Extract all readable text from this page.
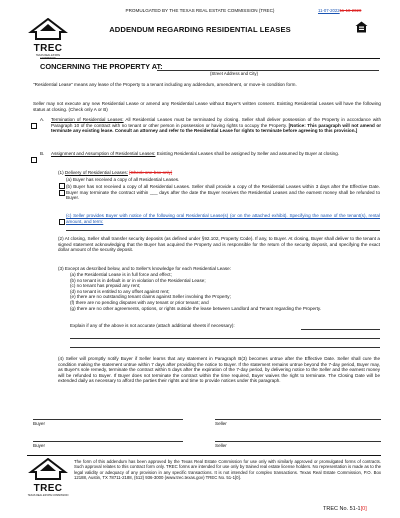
PROMULGATED BY THE TEXAS REAL ESTATE COMMISSION (TREC)	11-07-202211-18-2020
TREC
TEXAS REAL ESTATE COMMISSION
ADDENDUM REGARDING RESIDENTIAL LEASES
CONCERNING THE PROPERTY AT:
(Street Address and City)
"Residential Lease" means any lease of the Property to a tenant including any addendum, amendment, or move-in condition form.
Seller may not execute any new Residential Lease or amend any Residential Lease without Buyer's written consent. Existing Residential Leases will have the following status at closing. (Check only A or B)
A. Termination of Residential Leases: All Residential Leases must be terminated by closing. Seller shall deliver possession of the Property in accordance with Paragraph 10 of the contract with no tenant or other person in possession or having rights to occupy the Property. [Notice: This paragraph will not amend or terminate any existing lease. Consult an attorney and refer to the Residential Lease for rights to terminate before agreeing to this provision.]
B. Assignment and Assumption of Residential Leases: Existing Residential Leases shall be assigned by Seller and assumed by Buyer at closing.
(1) Delivery of Residential Leases: [Check one box only]
(a) Buyer has received a copy of all Residential Leases.
(b) Buyer has not received a copy of all Residential Leases. Seller shall provide a copy of the Residential Leases within 3 days after the Effective Date. Buyer may terminate the contract within ___ days after the date the Buyer receives the Residential Leases and the earnest money shall be refunded to Buyer.
(c) Seller provides Buyer with notice of the following oral Residential Lease(s) (or on the attached exhibit). Specifying the name of the tenant(s), rental amount, and term:
(2) At closing, Seller shall transfer security deposits (as defined under §92.102, Property Code). If any, to Buyer. At closing, Buyer shall deliver to the tenant a signed statement acknowledging that the Buyer has acquired the Property and is responsible for the return of the security deposit, and specifying the exact dollar amount of the security deposit.
(3) Except as described below, and to Seller's knowledge for each Residential Lease:
(a) the Residential Lease is in full force and effect;
(b) no tenant is in default in or in violation of the Residential Lease;
(c) no tenant has prepaid any rent;
(d) no tenant is entitled to any offset against rent;
(e) there are no outstanding tenant claims against Seller involving the Property;
(f) there are no pending disputes with any tenant or prior tenant; and
(g) there are no other agreements, options, or rights outside the lease between Landlord and Tenant regarding the Property.
Explain if any of the above is not accurate (attach additional sheets if necessary):
(4) Seller will promptly notify Buyer if Seller learns that any statement in Paragraph B(3) becomes untrue after the Effective Date. Seller shall cure the condition making the statement untrue within 7 days after providing the notice to Buyer. If the statement remains untrue beyond the 7-day period, Buyer may, as Buyer's sole remedy, terminate the contract within 5 days after the expiration of the 7-day period, by delivering notice to the Seller and the earnest money will be refunded to Buyer. If Buyer does not terminate the contract within the time required, Buyer waives the right to terminate. The Closing Date will be extended daily as necessary to afford the parties their rights and time to provide notices under this paragraph.
Buyer	Seller
Buyer	Seller
TREC
TEXAS REAL ESTATE COMMISSION
The form of this addendum has been approved by the Texas Real Estate Commission for use only with similarly approved or promulgated forms of contracts. Such approval relates to this contract form only. TREC forms are intended for use only by trained real estate license holders. No representation is made as to the legal validity or adequacy of any provision in any specific transactions. It is not intended for complex transactions. Texas Real Estate Commission, P.O. Box 12188, Austin, TX 78711-2188, (512) 936-3000 (www.trec.texas.gov) TREC No. 51-1[0].
TREC No. 51-1[0]
